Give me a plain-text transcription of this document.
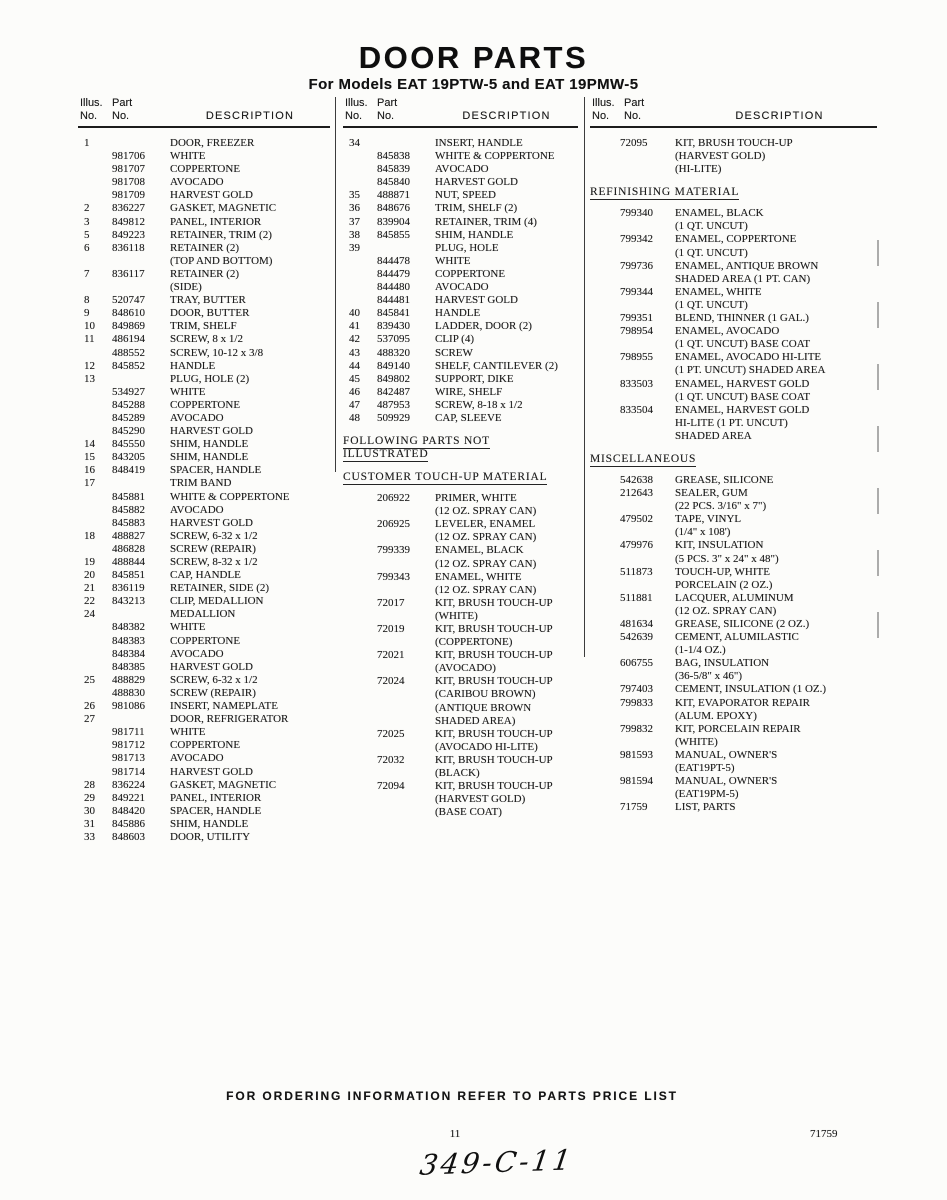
DOOR PARTS
For Models EAT 19PTW-5 and EAT 19PMW-5
Illus. Part
No.	No.	DESCRIPTION
1	DOOR, FREEZER
981706	WHITE
981707	COPPERTONE
981708	AVOCADO
981709	HARVEST GOLD
2	836227	GASKET, MAGNETIC
3	849812	PANEL, INTERIOR
5	849223	RETAINER, TRIM (2)
6	836118	RETAINER (2)
(TOP AND BOTTOM)
7	836117	RETAINER (2)
(SIDE)
8	520747	TRAY, BUTTER
9	848610	DOOR, BUTTER
10	849869	TRIM, SHELF
11	486194	SCREW, 8 x 1/2
488552	SCREW, 10-12 x 3/8
12	845852	HANDLE
13	PLUG, HOLE (2)
534927	WHITE
845288	COPPERTONE
845289	AVOCADO
845290	HARVEST GOLD
14	845550	SHIM, HANDLE
15	843205	SHIM, HANDLE
16	848419	SPACER, HANDLE
17	TRIM BAND
845881	WHITE & COPPERTONE
845882	AVOCADO
845883	HARVEST GOLD
18	488827	SCREW, 6-32 x 1/2
486828	SCREW (REPAIR)
19	488844	SCREW, 8-32 x 1/2
20	845851	CAP, HANDLE
21	836119	RETAINER, SIDE (2)
22	843213	CLIP, MEDALLION
24	MEDALLION
848382	WHITE
848383	COPPERTONE
848384	AVOCADO
848385	HARVEST GOLD
25	488829	SCREW, 6-32 x 1/2
488830	SCREW (REPAIR)
26	981086	INSERT, NAMEPLATE
27	DOOR, REFRIGERATOR
981711	WHITE
981712	COPPERTONE
981713	AVOCADO
981714	HARVEST GOLD
28	836224	GASKET, MAGNETIC
29	849221	PANEL, INTERIOR
30	848420	SPACER, HANDLE
31	845886	SHIM, HANDLE
33	848603	DOOR, UTILITY
Illus. Part
No.	No.	DESCRIPTION
34	INSERT, HANDLE
845838	WHITE & COPPERTONE
845839	AVOCADO
845840	HARVEST GOLD
35	488871	NUT, SPEED
36	848676	TRIM, SHELF (2)
37	839904	RETAINER, TRIM (4)
38	845855	SHIM, HANDLE
39	PLUG, HOLE
844478	WHITE
844479	COPPERTONE
844480	AVOCADO
844481	HARVEST GOLD
40	845841	HANDLE
41	839430	LADDER, DOOR (2)
42	537095	CLIP (4)
43	488320	SCREW
44	849140	SHELF, CANTILEVER (2)
45	849802	SUPPORT, DIKE
46	842487	WIRE, SHELF
47	487953	SCREW, 8-18 x 1/2
48	509929	CAP, SLEEVE
FOLLOWING PARTS NOT ILLUSTRATED
CUSTOMER TOUCH-UP MATERIAL
206922	PRIMER, WHITE
(12 OZ. SPRAY CAN)
206925	LEVELER, ENAMEL
(12 OZ. SPRAY CAN)
799339	ENAMEL, BLACK
(12 OZ. SPRAY CAN)
799343	ENAMEL, WHITE
(12 OZ. SPRAY CAN)
72017	KIT, BRUSH TOUCH-UP
(WHITE)
72019	KIT, BRUSH TOUCH-UP
(COPPERTONE)
72021	KIT, BRUSH TOUCH-UP
(AVOCADO)
72024	KIT, BRUSH TOUCH-UP
(CARIBOU BROWN)
(ANTIQUE BROWN
SHADED AREA)
72025	KIT, BRUSH TOUCH-UP
(AVOCADO HI-LITE)
72032	KIT, BRUSH TOUCH-UP
(BLACK)
72094	KIT, BRUSH TOUCH-UP
(HARVEST GOLD)
(BASE COAT)
Illus. Part
No.	No.	DESCRIPTION
72095	KIT, BRUSH TOUCH-UP
(HARVEST GOLD)
(HI-LITE)
REFINISHING MATERIAL
799340	ENAMEL, BLACK
(1 QT. UNCUT)
799342	ENAMEL, COPPERTONE
(1 QT. UNCUT)
799736	ENAMEL, ANTIQUE BROWN
SHADED AREA (1 PT. CAN)
799344	ENAMEL, WHITE
(1 QT. UNCUT)
799351	BLEND, THINNER (1 GAL.)
798954	ENAMEL, AVOCADO
(1 QT. UNCUT) BASE COAT
798955	ENAMEL, AVOCADO HI-LITE
(1 PT. UNCUT) SHADED AREA
833503	ENAMEL, HARVEST GOLD
(1 QT. UNCUT) BASE COAT
833504	ENAMEL, HARVEST GOLD
HI-LITE (1 PT. UNCUT)
SHADED AREA
MISCELLANEOUS
542638	GREASE, SILICONE
212643	SEALER, GUM
(22 PCS. 3/16" x 7")
479502	TAPE, VINYL
(1/4" x 108')
479976	KIT, INSULATION
(5 PCS. 3" x 24" x 48")
511873	TOUCH-UP, WHITE
PORCELAIN (2 OZ.)
511881	LACQUER, ALUMINUM
(12 OZ. SPRAY CAN)
481634	GREASE, SILICONE (2 OZ.)
542639	CEMENT, ALUMILASTIC
(1-1/4 OZ.)
606755	BAG, INSULATION
(36-5/8" x 46")
797403	CEMENT, INSULATION (1 OZ.)
799833	KIT, EVAPORATOR REPAIR
(ALUM. EPOXY)
799832	KIT, PORCELAIN REPAIR
(WHITE)
981593	MANUAL, OWNER'S
(EAT19PT-5)
981594	MANUAL, OWNER'S
(EAT19PM-5)
71759	LIST, PARTS
FOR ORDERING INFORMATION REFER TO PARTS PRICE LIST
11	71759
349-C-11
